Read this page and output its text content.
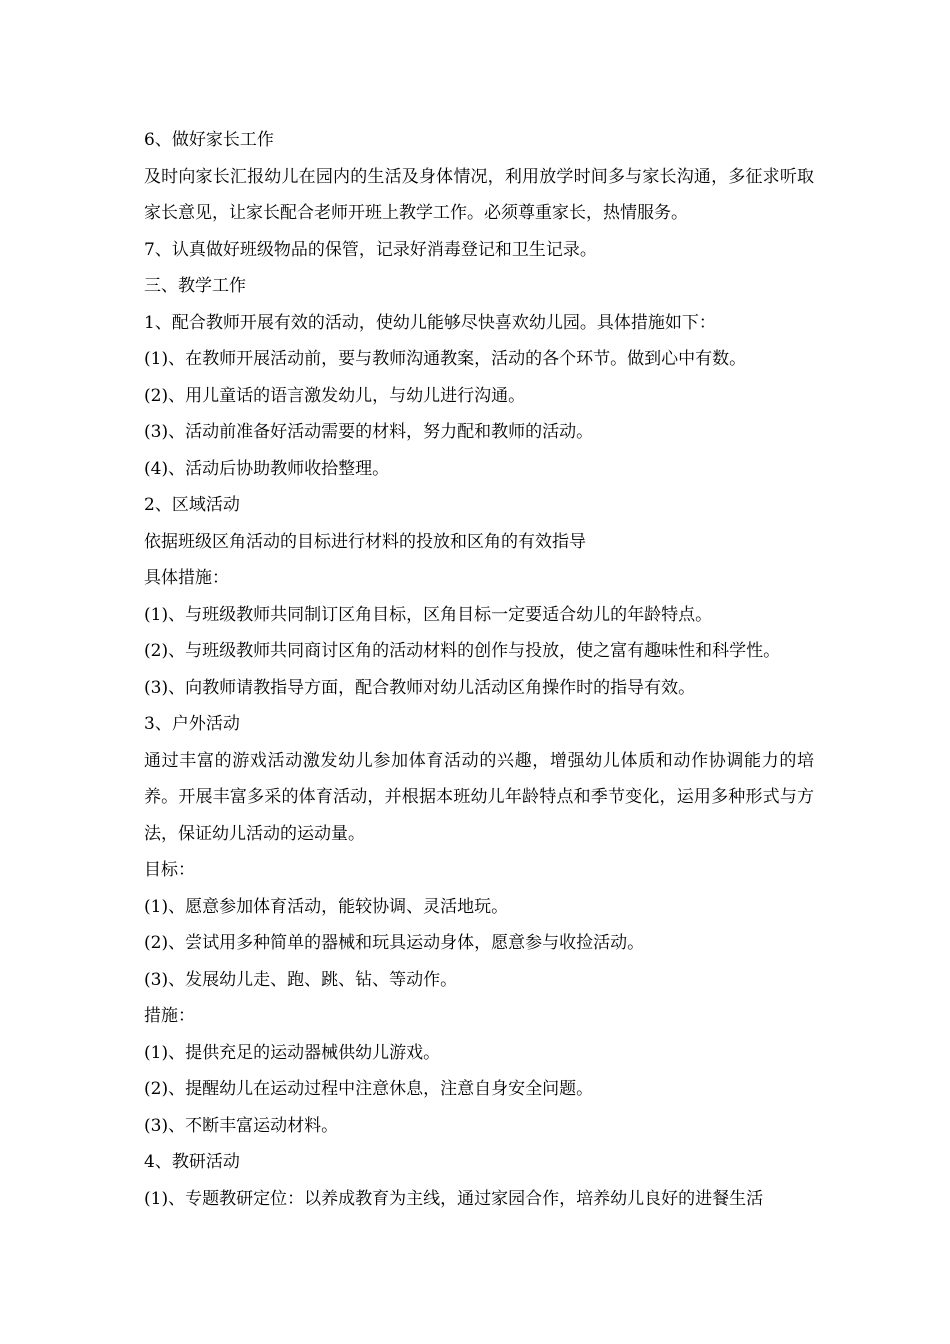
6、做好家长工作

及时向家长汇报幼儿在园内的生活及身体情况，利用放学时间多与家长沟通，多征求听取家长意见，让家长配合老师开班上教学工作。必须尊重家长，热情服务。

7、认真做好班级物品的保管，记录好消毒登记和卫生记录。

三、教学工作

1、配合教师开展有效的活动，使幼儿能够尽快喜欢幼儿园。具体措施如下：

(1)、在教师开展活动前，要与教师沟通教案，活动的各个环节。做到心中有数。

(2)、用儿童话的语言激发幼儿，与幼儿进行沟通。

(3)、活动前准备好活动需要的材料，努力配和教师的活动。

(4)、活动后协助教师收拾整理。

2、区域活动

依据班级区角活动的目标进行材料的投放和区角的有效指导

具体措施：

(1)、与班级教师共同制订区角目标，区角目标一定要适合幼儿的年龄特点。

(2)、与班级教师共同商讨区角的活动材料的创作与投放，使之富有趣味性和科学性。

(3)、向教师请教指导方面，配合教师对幼儿活动区角操作时的指导有效。

3、户外活动

通过丰富的游戏活动激发幼儿参加体育活动的兴趣，增强幼儿体质和动作协调能力的培养。开展丰富多采的体育活动，并根据本班幼儿年龄特点和季节变化，运用多种形式与方法，保证幼儿活动的运动量。

目标：

(1)、愿意参加体育活动，能较协调、灵活地玩。

(2)、尝试用多种简单的器械和玩具运动身体，愿意参与收捡活动。

(3)、发展幼儿走、跑、跳、钻、等动作。

措施：

(1)、提供充足的运动器械供幼儿游戏。

(2)、提醒幼儿在运动过程中注意休息，注意自身安全问题。

(3)、不断丰富运动材料。

4、教研活动

(1)、专题教研定位：以养成教育为主线，通过家园合作，培养幼儿良好的进餐生活
